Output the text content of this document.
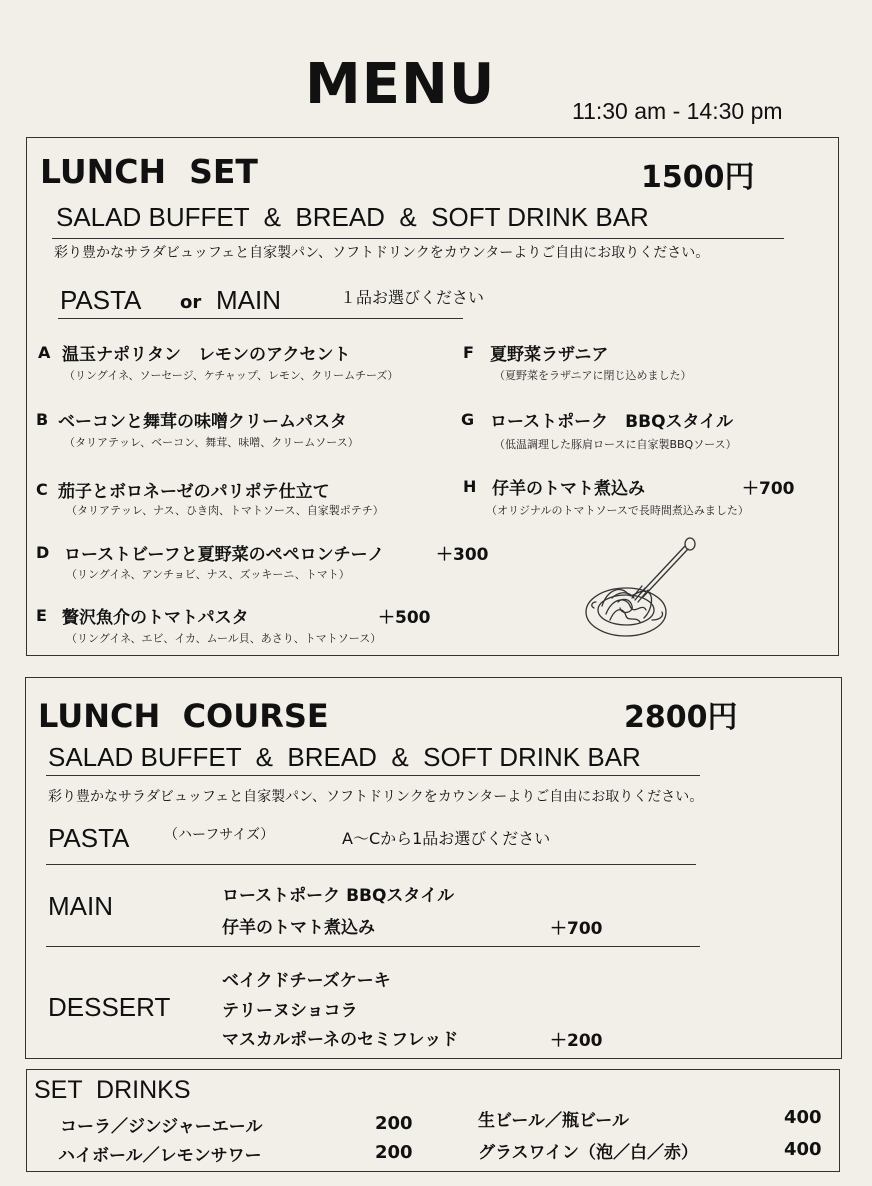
MENU	11:30 am - 14:30 pm
LUNCH  SET	1500円
SALAD BUFFET  &  BREAD  &  SOFT DRINK BAR
彩り豊かなサラダビュッフェと自家製パン、ソフトドリンクをカウンターよりご自由にお取りください。
PASTA or MAIN	１品お選びください
A 温玉ナポリタン　レモンのアクセント
（リングイネ、ソーセージ、ケチャップ、レモン、クリームチーズ）
B ベーコンと舞茸の味噌クリームパスタ
（タリアテッレ、ベーコン、舞茸、味噌、クリームソース）
C 茄子とボロネーゼのパリポテ仕立て
（タリアテッレ、ナス、ひき肉、トマトソース、自家製ポテチ）
D ローストビーフと夏野菜のペペロンチーノ	＋300
（リングイネ、アンチョビ、ナス、ズッキーニ、トマト）
E 贅沢魚介のトマトパスタ	＋500
（リングイネ、エビ、イカ、ムール貝、あさり、トマトソース）
F 夏野菜ラザニア
（夏野菜をラザニアに閉じ込めました）
G ローストポーク　BBQスタイル
（低温調理した豚肩ロースに自家製BBQソース）
H 仔羊のトマト煮込み	＋700
（オリジナルのトマトソースで長時間煮込みました）
LUNCH  COURSE	2800円
SALAD BUFFET  &  BREAD  &  SOFT DRINK BAR
彩り豊かなサラダビュッフェと自家製パン、ソフトドリンクをカウンターよりご自由にお取りください。
PASTA （ハーフサイズ）	A〜Cから1品お選びください
MAIN	ローストポーク BBQスタイル
仔羊のトマト煮込み	＋700
DESSERT
ベイクドチーズケーキ
テリーヌショコラ
マスカルポーネのセミフレッド	＋200
SET  DRINKS
コーラ／ジンジャーエール	200
ハイボール／レモンサワー	200
生ビール／瓶ビール	400
グラスワイン（泡／白／赤）	400
